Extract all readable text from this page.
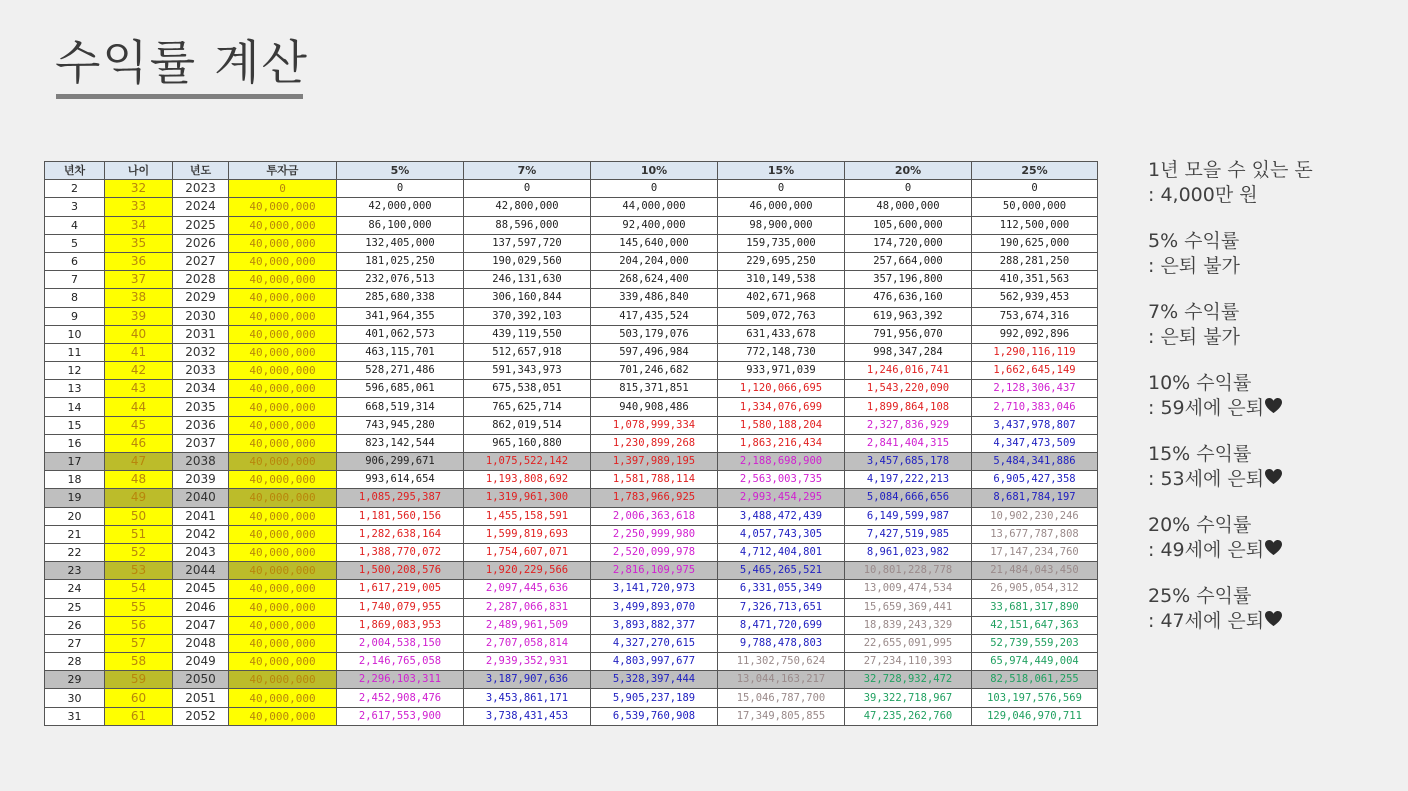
수익률 계산
년차	나이	년도	투자금	5%	7%	10%	15%	20%	25%
2	32	2023	0	0	0	0	0	0	0
3	33	2024	40,000,000	42,000,000	42,800,000	44,000,000	46,000,000	48,000,000	50,000,000
4	34	2025	40,000,000	86,100,000	88,596,000	92,400,000	98,900,000	105,600,000	112,500,000
5	35	2026	40,000,000	132,405,000	137,597,720	145,640,000	159,735,000	174,720,000	190,625,000
6	36	2027	40,000,000	181,025,250	190,029,560	204,204,000	229,695,250	257,664,000	288,281,250
7	37	2028	40,000,000	232,076,513	246,131,630	268,624,400	310,149,538	357,196,800	410,351,563
8	38	2029	40,000,000	285,680,338	306,160,844	339,486,840	402,671,968	476,636,160	562,939,453
9	39	2030	40,000,000	341,964,355	370,392,103	417,435,524	509,072,763	619,963,392	753,674,316
10	40	2031	40,000,000	401,062,573	439,119,550	503,179,076	631,433,678	791,956,070	992,092,896
11	41	2032	40,000,000	463,115,701	512,657,918	597,496,984	772,148,730	998,347,284	1,290,116,119
12	42	2033	40,000,000	528,271,486	591,343,973	701,246,682	933,971,039	1,246,016,741	1,662,645,149
13	43	2034	40,000,000	596,685,061	675,538,051	815,371,851	1,120,066,695	1,543,220,090	2,128,306,437
14	44	2035	40,000,000	668,519,314	765,625,714	940,908,486	1,334,076,699	1,899,864,108	2,710,383,046
15	45	2036	40,000,000	743,945,280	862,019,514	1,078,999,334	1,580,188,204	2,327,836,929	3,437,978,807
16	46	2037	40,000,000	823,142,544	965,160,880	1,230,899,268	1,863,216,434	2,841,404,315	4,347,473,509
17	47	2038	40,000,000	906,299,671	1,075,522,142	1,397,989,195	2,188,698,900	3,457,685,178	5,484,341,886
18	48	2039	40,000,000	993,614,654	1,193,808,692	1,581,788,114	2,563,003,735	4,197,222,213	6,905,427,358
19	49	2040	40,000,000	1,085,295,387	1,319,961,300	1,783,966,925	2,993,454,295	5,084,666,656	8,681,784,197
20	50	2041	40,000,000	1,181,560,156	1,455,158,591	2,006,363,618	3,488,472,439	6,149,599,987	10,902,230,246
21	51	2042	40,000,000	1,282,638,164	1,599,819,693	2,250,999,980	4,057,743,305	7,427,519,985	13,677,787,808
22	52	2043	40,000,000	1,388,770,072	1,754,607,071	2,520,099,978	4,712,404,801	8,961,023,982	17,147,234,760
23	53	2044	40,000,000	1,500,208,576	1,920,229,566	2,816,109,975	5,465,265,521	10,801,228,778	21,484,043,450
24	54	2045	40,000,000	1,617,219,005	2,097,445,636	3,141,720,973	6,331,055,349	13,009,474,534	26,905,054,312
25	55	2046	40,000,000	1,740,079,955	2,287,066,831	3,499,893,070	7,326,713,651	15,659,369,441	33,681,317,890
26	56	2047	40,000,000	1,869,083,953	2,489,961,509	3,893,882,377	8,471,720,699	18,839,243,329	42,151,647,363
27	57	2048	40,000,000	2,004,538,150	2,707,058,814	4,327,270,615	9,788,478,803	22,655,091,995	52,739,559,203
28	58	2049	40,000,000	2,146,765,058	2,939,352,931	4,803,997,677	11,302,750,624	27,234,110,393	65,974,449,004
29	59	2050	40,000,000	2,296,103,311	3,187,907,636	5,328,397,444	13,044,163,217	32,728,932,472	82,518,061,255
30	60	2051	40,000,000	2,452,908,476	3,453,861,171	5,905,237,189	15,046,787,700	39,322,718,967	103,197,576,569
31	61	2052	40,000,000	2,617,553,900	3,738,431,453	6,539,760,908	17,349,805,855	47,235,262,760	129,046,970,711
1년 모을 수 있는 돈
: 4,000만 원
5% 수익률
: 은퇴 불가
7% 수익률
: 은퇴 불가
10% 수익률
: 59세에 은퇴
15% 수익률
: 53세에 은퇴
20% 수익률
: 49세에 은퇴
25% 수익률
: 47세에 은퇴
